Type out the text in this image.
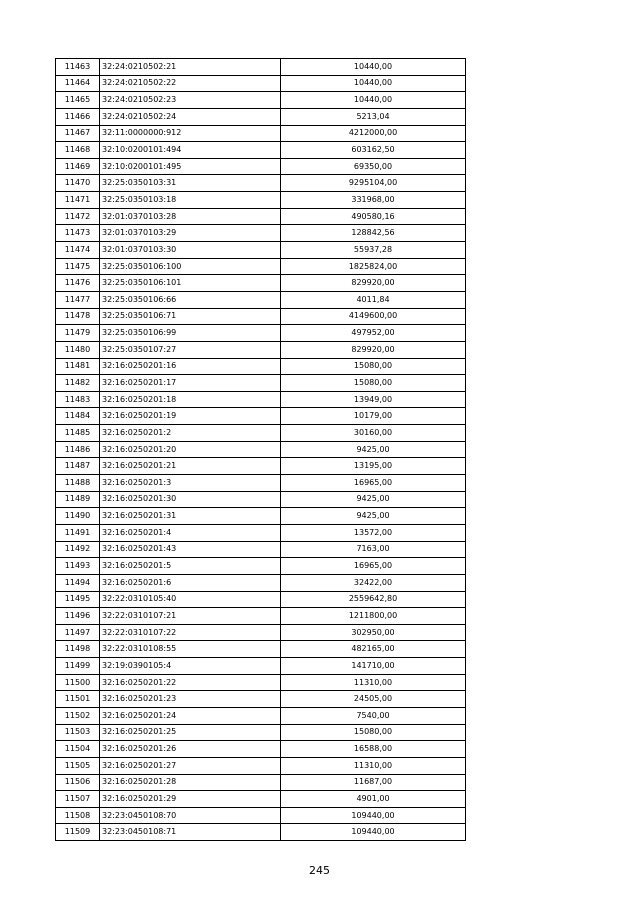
11463	32:24:0210502:21	10440,00
11464	32:24:0210502:22	10440,00
11465	32:24:0210502:23	10440,00
11466	32:24:0210502:24	5213,04
11467	32:11:0000000:912	4212000,00
11468	32:10:0200101:494	603162,50
11469	32:10:0200101:495	69350,00
11470	32:25:0350103:31	9295104,00
11471	32:25:0350103:18	331968,00
11472	32:01:0370103:28	490580,16
11473	32:01:0370103:29	128842,56
11474	32:01:0370103:30	55937,28
11475	32:25:0350106:100	1825824,00
11476	32:25:0350106:101	829920,00
11477	32:25:0350106:66	4011,84
11478	32:25:0350106:71	4149600,00
11479	32:25:0350106:99	497952,00
11480	32:25:0350107:27	829920,00
11481	32:16:0250201:16	15080,00
11482	32:16:0250201:17	15080,00
11483	32:16:0250201:18	13949,00
11484	32:16:0250201:19	10179,00
11485	32:16:0250201:2	30160,00
11486	32:16:0250201:20	9425,00
11487	32:16:0250201:21	13195,00
11488	32:16:0250201:3	16965,00
11489	32:16:0250201:30	9425,00
11490	32:16:0250201:31	9425,00
11491	32:16:0250201:4	13572,00
11492	32:16:0250201:43	7163,00
11493	32:16:0250201:5	16965,00
11494	32:16:0250201:6	32422,00
11495	32:22:0310105:40	2559642,80
11496	32:22:0310107:21	1211800,00
11497	32:22:0310107:22	302950,00
11498	32:22:0310108:55	482165,00
11499	32:19:0390105:4	141710,00
11500	32:16:0250201:22	11310,00
11501	32:16:0250201:23	24505,00
11502	32:16:0250201:24	7540,00
11503	32:16:0250201:25	15080,00
11504	32:16:0250201:26	16588,00
11505	32:16:0250201:27	11310,00
11506	32:16:0250201:28	11687,00
11507	32:16:0250201:29	4901,00
11508	32:23:0450108:70	109440,00
11509	32:23:0450108:71	109440,00
245
